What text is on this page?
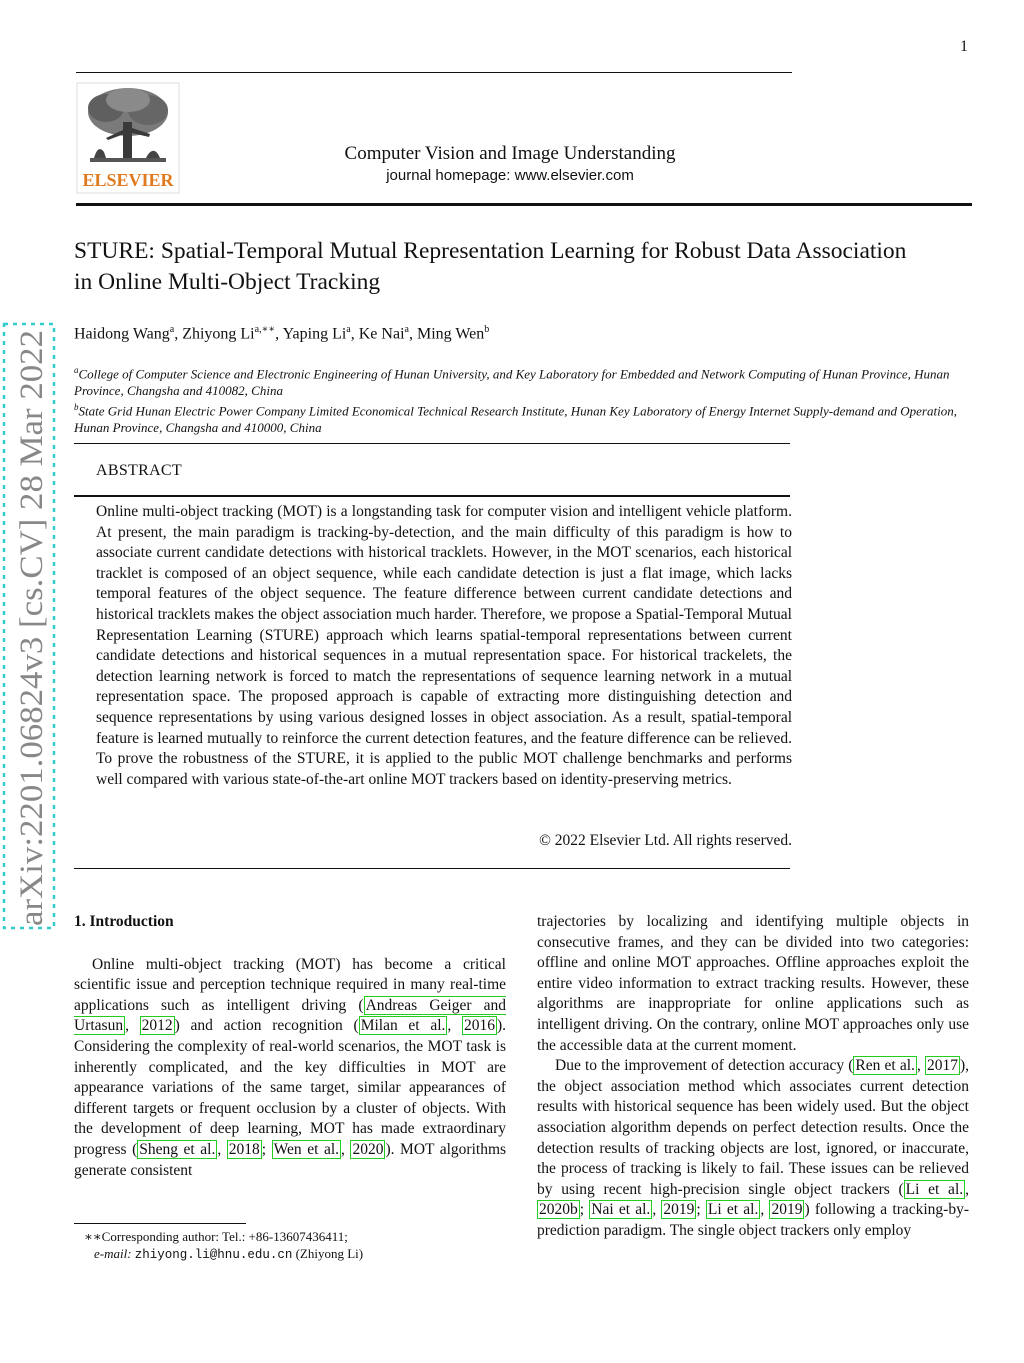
1
ELSEVIER
Computer Vision and Image Understanding
journal homepage: www.elsevier.com
arXiv:2201.06824v3 [cs.CV] 28 Mar 2022
STURE: Spatial-Temporal Mutual Representation Learning for Robust Data Association
in Online Multi-Object Tracking
Haidong Wang$^a$, Zhiyong $Li^{a,∗∗}$, Yaping Li$^a$, Ke Nai$^a$, Ming Wen$^b$

$^a$College of Computer Science and Electronic Engineering of Hunan University, and Key Laboratory for Embedded and Network Computing of Hunan Province, Hunan Province, Changsha and 410082, China

$^b$State Grid Hunan Electric Power Company Limited Economical Technical Research Institute, Hunan Key Laboratory of Energy Internet Supply-demand and Operation, Hunan Province, Changsha and 410000, China

ABSTRACT
Online multi-object tracking (MOT) is a longstanding task for computer vision and intelligent vehicle platform. At present, the main paradigm is tracking-by-detection, and the main difficulty of this paradigm is how to associate current candidate detections with historical tracklets. However, in the MOT scenarios, each historical tracklet is composed of an object sequence, while each candidate detection is just a flat image, which lacks temporal features of the object sequence. The feature difference between current candidate detections and historical tracklets makes the object association much harder. Therefore, we propose a Spatial-Temporal Mutual Representation Learning (STURE) approach which learns spatial-temporal representations between current candidate detections and historical sequences in a mutual representation space. For historical trackelets, the detection learning network is forced to match the representations of sequence learning network in a mutual representation space. The proposed approach is capable of extracting more distinguishing detection and sequence representations by using various designed losses in object association. As a result, spatial-temporal feature is learned mutually to reinforce the current detection features, and the feature difference can be relieved. To prove the robustness of the STURE, it is applied to the public MOT challenge benchmarks and performs well compared with various state-of-the-art online MOT trackers based on identity-preserving metrics.
© 2022 Elsevier Ltd. All rights reserved.

1. Introduction

Online multi-object tracking (MOT) has become a critical scientific issue and perception technique required in many real-time applications such as intelligent driving ( Andreas Geiger and Urtasun , 2012 ) and action recognition ( Milan et al. , 2016 ). Considering the complexity of real-world scenarios, the MOT task is inherently complicated, and the key difficulties in MOT are appearance variations of the same target, similar appearances of different targets or frequent occlusion by a cluster of objects. With the development of deep learning, MOT has made extraordinary progress ( Sheng et al. , 2018 ; Wen et al. , 2020 ). MOT algorithms generate consistent

∗∗Corresponding author: Tel.: +86-13607436411;
e-mail: zhiyong.li@hnu.edu.cn (Zhiyong Li)

trajectories by localizing and identifying multiple objects in consecutive frames, and they can be divided into two categories: offline and online MOT approaches. Offline approaches exploit the entire video information to extract tracking results. However, these algorithms are inappropriate for online applications such as intelligent driving. On the contrary, online MOT approaches only use the accessible data at the current moment.

Due to the improvement of detection accuracy ( Ren et al. , 2017 ), the object association method which associates current detection results with historical sequence has been widely used. But the object association algorithm depends on perfect detection results. Once the detection results of tracking objects are lost, ignored, or inaccurate, the process of tracking is likely to fail. These issues can be relieved by using recent high-precision single object trackers ( Li et al. , 2020b ; Nai et al. , 2019 ; Li et al. , 2019 ) following a tracking-by-prediction paradigm. The single object trackers only employ
